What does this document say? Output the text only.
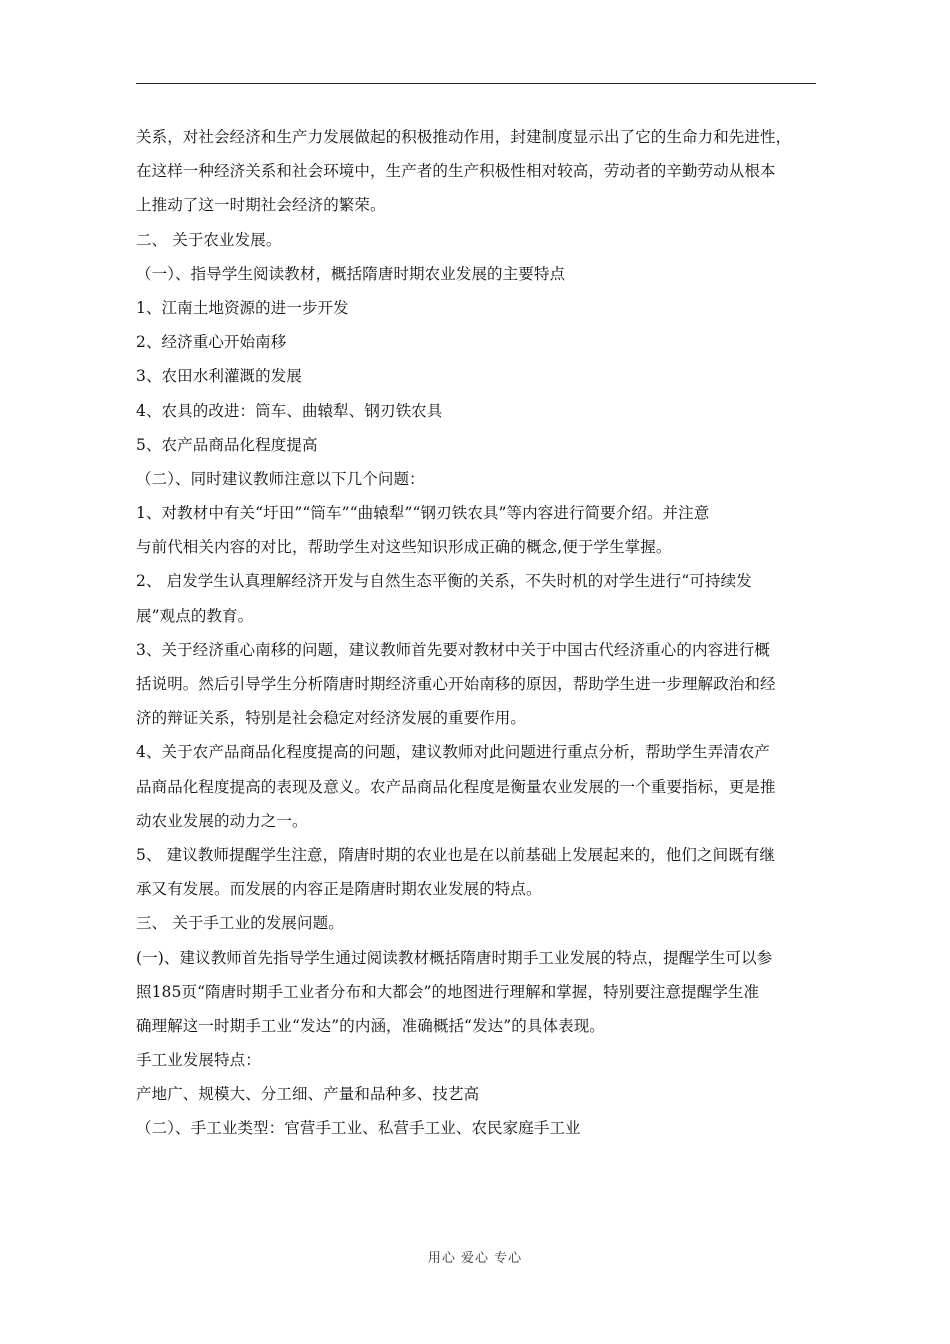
关系，对社会经济和生产力发展做起的积极推动作用，封建制度显示出了它的生命力和先进性，
在这样一种经济关系和社会环境中，生产者的生产积极性相对较高，劳动者的辛勤劳动从根本
上推动了这一时期社会经济的繁荣。
二、 关于农业发展。
（一）、指导学生阅读教材，概括隋唐时期农业发展的主要特点
1、江南土地资源的进一步开发
2、经济重心开始南移
3、农田水利灌溉的发展
4、农具的改进：筒车、曲辕犁、钢刃铁农具
5、农产品商品化程度提高
（二）、同时建议教师注意以下几个问题：
1、对教材中有关“圩田”“筒车”“曲辕犁”“钢刃铁农具”等内容进行简要介绍。并注意
与前代相关内容的对比，帮助学生对这些知识形成正确的概念,便于学生掌握。
2、 启发学生认真理解经济开发与自然生态平衡的关系，不失时机的对学生进行“可持续发
展”观点的教育。
3、关于经济重心南移的问题，建议教师首先要对教材中关于中国古代经济重心的内容进行概
括说明。然后引导学生分析隋唐时期经济重心开始南移的原因，帮助学生进一步理解政治和经
济的辩证关系，特别是社会稳定对经济发展的重要作用。
4、关于农产品商品化程度提高的问题，建议教师对此问题进行重点分析，帮助学生弄清农产
品商品化程度提高的表现及意义。农产品商品化程度是衡量农业发展的一个重要指标，更是推
动农业发展的动力之一。
5、 建议教师提醒学生注意，隋唐时期的农业也是在以前基础上发展起来的，他们之间既有继
承又有发展。而发展的内容正是隋唐时期农业发展的特点。
三、 关于手工业的发展问题。
(一)、建议教师首先指导学生通过阅读教材概括隋唐时期手工业发展的特点，提醒学生可以参
照185页“隋唐时期手工业者分布和大都会”的地图进行理解和掌握，特别要注意提醒学生准
确理解这一时期手工业“发达”的内涵，准确概括“发达”的具体表现。
手工业发展特点：
产地广、规模大、分工细、产量和品种多、技艺高
（二）、手工业类型：官营手工业、私营手工业、农民家庭手工业
用心 爱心 专心
